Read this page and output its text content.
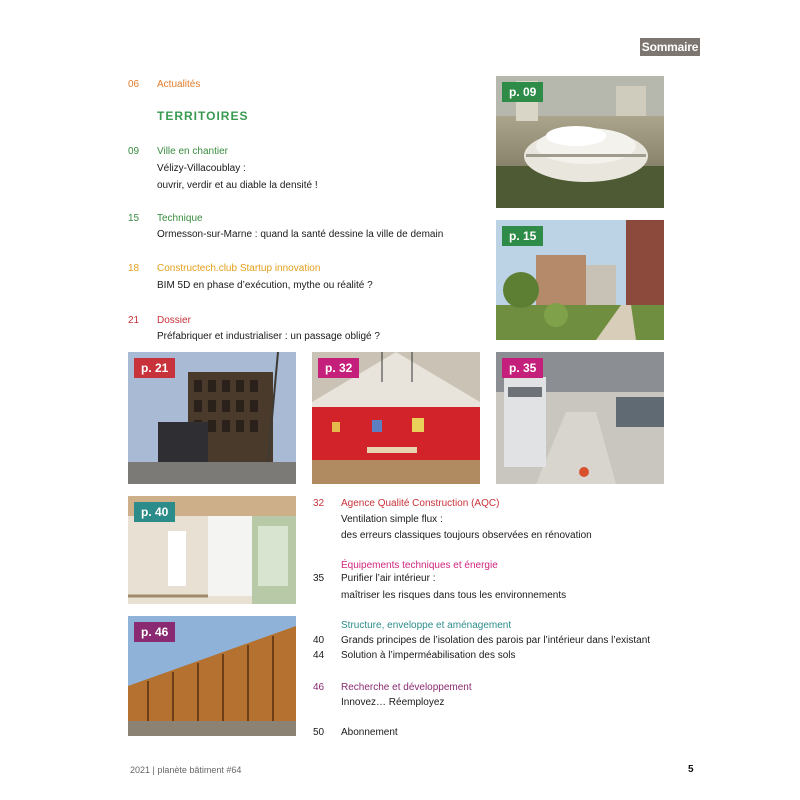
Sommaire
06 Actualités
TERRITOIRES
09 Ville en chantier
Vélizy-Villacoublay :
ouvrir, verdir et au diable la densité !
15 Technique
Ormesson-sur-Marne : quand la santé dessine la ville de demain
18 Constructech.club Startup innovation
BIM 5D en phase d’exécution, mythe ou réalité ?
21 Dossier
Préfabriquer et industrialiser : un passage obligé ?
p. 09
p. 15
p. 21	p. 32	p. 35
p. 40
p. 46
32 Agence Qualité Construction (AQC)
Ventilation simple flux :
des erreurs classiques toujours observées en rénovation
Équipements techniques et énergie
35 Purifier l’air intérieur :
maîtriser les risques dans tous les environnements
Structure, enveloppe et aménagement
40 Grands principes de l’isolation des parois par l’intérieur dans l’existant
44 Solution à l’imperméabilisation des sols
46 Recherche et développement
Innovez… Réemployez
50 Abonnement
2021 | planète bâtiment #64	5
